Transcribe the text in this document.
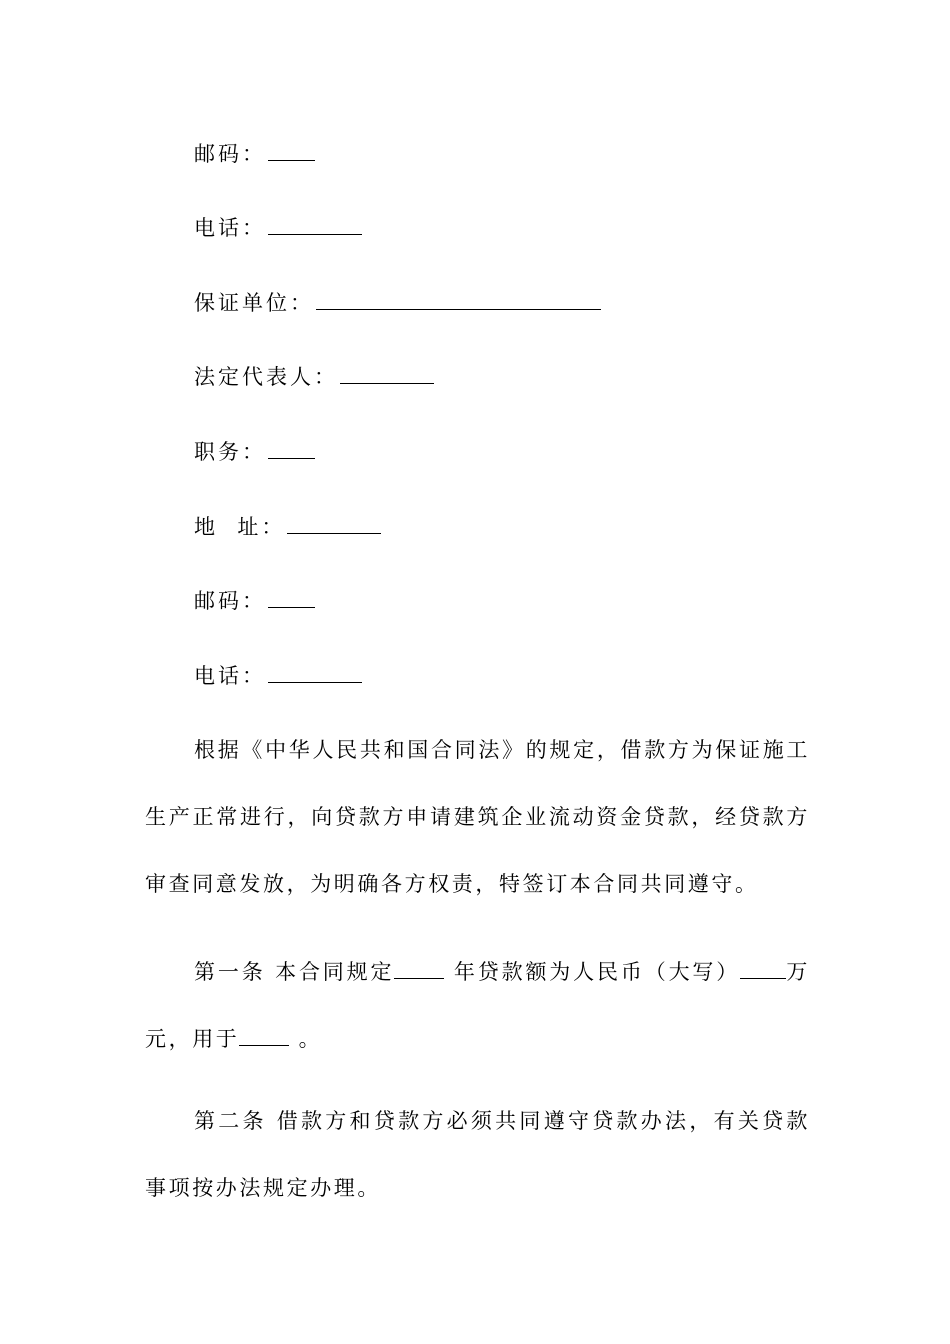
邮码：
电话：
保证单位：
法定代表人：
职务：
地  址：
邮码：
电话：
根据《中华人民共和国合同法》的规定，借款方为保证施工生产正常进行，向贷款方申请建筑企业流动资金贷款，经贷款方审查同意发放，为明确各方权责，特签订本合同共同遵守。
第一条 本合同规定 年贷款额为人民币（大写） 万元，用于 。
第二条 借款方和贷款方必须共同遵守贷款办法，有关贷款事项按办法规定办理。
